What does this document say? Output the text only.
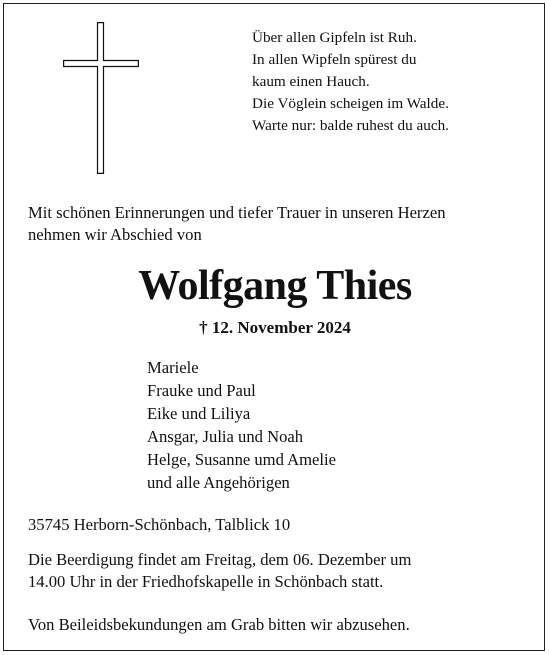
Über allen Gipfeln ist Ruh.
In allen Wipfeln spürest du
kaum einen Hauch.
Die Vöglein scheigen im Walde.
Warte nur: balde ruhest du auch.
Mit schönen Erinnerungen und tiefer Trauer in unseren Herzen
nehmen wir Abschied von
Wolfgang Thies
† 12. November 2024
Mariele
Frauke und Paul
Eike und Liliya
Ansgar, Julia und Noah
Helge, Susanne umd Amelie
und alle Angehörigen
35745 Herborn-Schönbach, Talblick 10
Die Beerdigung findet am Freitag, dem 06. Dezember um
14.00 Uhr in der Friedhofskapelle in Schönbach statt.
Von Beileidsbekundungen am Grab bitten wir abzusehen.
